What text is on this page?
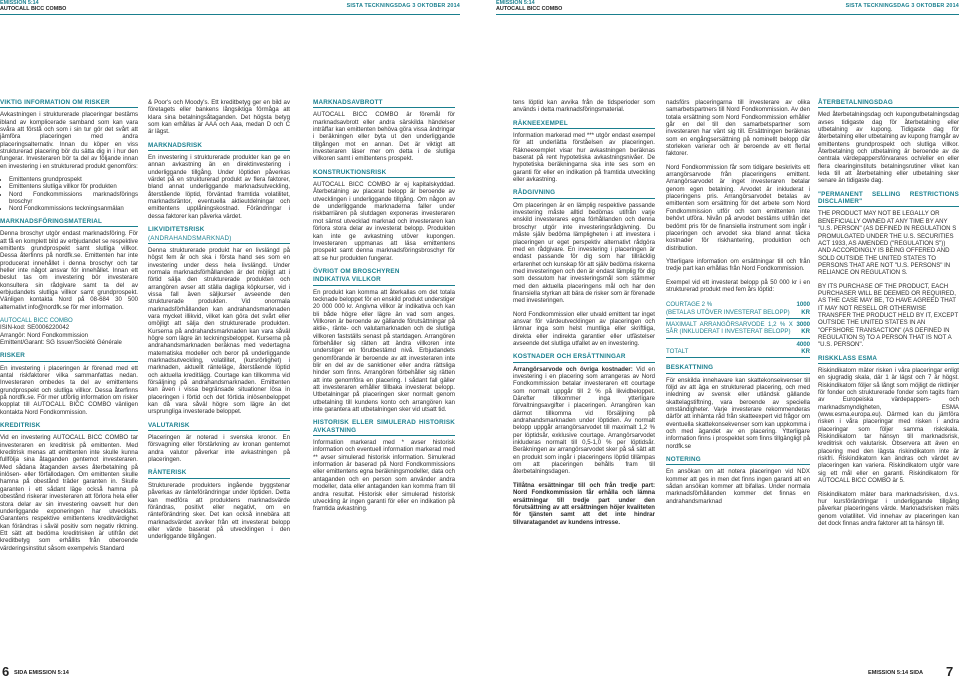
EMISSION 5:14
AUTOCALL BICC COMBO	SISTA TECKNINGSDAG 3 OKTOBER 2014	EMISSION 5:14
AUTOCALL BICC COMBO	SISTA TECKNINGSDAG 3 OKTOBER 2014
VIKTIG INFORMATION OM RISKER

Avkastningen i strukturerade placeringar bestäms ibland av komplicerade samband som kan vara svåra att förstå och som i sin tur gör det svårt att jämföra placeringen med andra placeringsalternativ. Innan du köper en viss strukturerad placering bör du sätta dig in i hur den fungerar. Investeraren bör ta del av följande innan en investering i en strukturerad produkt genomförs:

• Emittentens grundprospekt
• Emittentens slutliga villkor för produkten
• Nord Fondkommissions marknadsförings broschyr
• Nord Fondkommissions teckningsanmälan
MARKNADSFÖRINGSMATERIAL

Denna broschyr utgör endast marknadsföring. För att få en komplett bild av erbjudandet se respektive emittents grundprospekt samt slutliga villkor. Dessa återfinns på nordfk.se. Emittenten har inte producerat innehållet i denna broschyr och tar heller inte något ansvar för innehållet. Innan ett beslut tas om investering bör investerare konsultera sin rådgivare samt ta del av erbjudandets slutliga villkor samt grundprospekt. Vänligen kontakta Nord på 08-684 30 500 alternativt info@nordfk.se för mer information.

AUTOCALL BICC COMBO
ISIN-kod: SE0006220042
Arrangör: Nord Fondkommission
Emittent/Garant: SG Issuer/Société Générale

RISKER

En investering i placeringen är förenad med ett antal riskfaktorer vilka sammanfattas nedan. Investeraren ombedes ta del av emittentens grundprospekt och slutliga villkor. Dessa återfinns på nordfk.se. För mer utförlig information om risker kopplat till AUTOCALL BICC COMBO vänligen kontakta Nord Fondkommission.

KREDITRISK

Vid en investering AUTOCALL BICC COMBO tar investeraren en kreditrisk på emittenten. Med kreditrisk menas att emittenten inte skulle kunna fullfölja sina åtaganden gentemot investeraren. Med sådana åtaganden avses återbetalning på inlösen- eller förfallodagen. Om emittenten skulle hamna på obestånd träder garanten in. Skulle garanten i ett sådant läge också hamna på obestånd riskerar investeraren att förlora hela eller stora delar av sin investering oavsett hur den underliggande exponeringen har utvecklats. Garantens respektive emittentens kreditvärdighet kan förändras i såväl positiv som negativ riktning. Ett sätt att bedöma kreditrisken är utifrån det kreditbetyg som erhållits från oberoende värderingsinstitut såsom exempelvis Standard

& Poor's och Moody's. Ett kreditbetyg ger en bild av företagets eller bankens långsiktiga förmåga att klara sina betalningsåtaganden. Det högsta betyg som kan erhållas är AAA och Aaa, medan D och C är lägst.

MARKNADSRISK

En investering i strukturerade produkter kan ge en annan avkastning än en direktinvestering i underliggande tillgång. Under löptiden påverkas värdet på en strukturerad produkt av flera faktorer, bland annat underliggande marknadsutveckling, återstående löptid, förväntad framtida volatilitet, marknadsräntor, eventuella aktieutdelningar och emittentens upplåningskostnad. Förändringar i dessa faktorer kan påverka värdet.

LIKVIDITETSRISK
(ANDRAHANDSMARKNAD)

Denna strukturerade produkt har en livslängd på högst fem år och ska i första hand ses som en investering under dess hela livslängd. Under normala marknadsförhållanden är det möjligt att i förtid sälja den strukturerade produkten och arrangören avser att ställa dagliga köpkurser, vid i vissa fall även säljkurser avseende den strukturerade produkten. Vid onormala marknadsförhållanden kan andrahandsmarknaden vara mycket illikvid, vilket kan göra det svårt eller omöjligt att sälja den strukturerade produkten. Kurserna på andrahandsmarknaden kan vara såväl högre som lägre än teckningsbeloppet. Kurserna på andrahandsmarknaden beräknas med vedertagna matematiska modeller och beror på underliggande marknadsutveckling, volatilitet, (kursrörlighet) i marknaden, aktuellt räntelägе, återstående löptid och aktuella kreditlägg. Courtage kan tillkomma vid försäljning på andrahandsmarknaden. Emittenten kan även i vissa begränsade situationer lösa in placeringen i förtid och det förtida inlösenbeloppet kan då vara såväl högre som lägre än det ursprungliga investerade beloppet.

VALUTARISK

Placeringen är noterad i svenska kronor. En försvagning eller förstärkning av kronan gentemot andra valutor påverkar inte avkastningen på placeringen.

RÄNTERISK

Strukturerade produkters ingående byggstenar påverkas av ränteförändringar under löptiden. Detta kan medföra att produktens marknadsvärde förändras, positivt eller negativt, om en ränteförändring sker. Det kan också innebära att marknadsvärdet avviker från ett investerat belopp eller värde baserat på utvecklingen i den underliggande tillgången.

MARKNADSAVBROTT

AUTOCALL BICC COMBO är föremål för marknadsavbrott eller andra särskilda händelser inträffar kan emittenten behöva göra vissa ändringar i beräkningen eller byta ut den underliggande tillgången mot en annan. Det är viktigt att investeraren läser mer om detta i de slutliga villkoren samt i emittentens prospekt.

KONSTRUKTIONSRISK

AUTOCALL BICC COMBO är ej kapitalskyddad. Återbetalning av placerat belopp är beroende av utvecklingen i underliggande tillgång. Om någon av de underliggande marknaderna faller under riskbarriären på slutdagen exponeras investeraren mot sämst utvecklad marknad och investeraren kan förlora stora delar av investerat belopp. Produkten kan inte ge avkastning utöver kupongen. Investeraren uppmanas att läsa emittentens prospekt samt denna marknadsföringsbroschyr för att se hur produkten fungerar.

ÖVRIGT OM BROSCHYREN
INDIKATIVA VILLKOR

En produkt kan komma att återkallas om det totala tecknade beloppet för en enskild produkt understiger 20 000 000 kr. Angivna villkor är indikativa och kan bli både högre eller lägre än vad som anges. Villkoren är beroende av gällande förutsättningar på aktie-, ränte- och valutamarknaden och de slutliga villkoren fastställs senast på startdagen. Arrangören förbehåller sig rätten att ändra villkoren inte understiger en förutbestämd nivå. Erbjudandets genomförande är beroende av att investeraren inte blir en del av de sanktioner eller andra rättsliga hinder som finns. Arrangören förbehåller sig rätten att inte genomföra en placering. I sådant fall gäller att investeraren erhåller tillbaka investerat belopp. Utbetalningar på placeringen sker normalt genom utbetalning till kundens konto och arrangören kan inte garantera att utbetalningen sker vid utsatt tid.

HISTORISK ELLER SIMULERAD HISTORISK AVKASTNING

Information markerad med * avser historisk information och eventuell information markerad med ** avser simulerad historisk information. Simulerad information är baserad på Nord Fondkommissions eller emittentens egna beräkningsmodeller, data och antaganden och en person som använder andra modeller, data eller antaganden kan komma fram till andra resultat. Historisk eller simulerad historisk utveckling är ingen garanti för eller en indikation på framtida avkastning.

tens löptid kan avvika från de tidsperioder som används i detta marknadsföringsmaterial.

RÄKNEEXEMPEL

Information markerad med *** utgör endast exempel för att underlätta förståelsen av placeringen. Räkneexemplet visar hur avkastningen beräknas baserat på rent hypotetiska avkastningsnivåer. De hypotetiska beräkningarna ska inte ses som en garanti för eller en indikation på framtida utveckling eller avkastning.

RÅDGIVNING

Om placeringen är en lämplig respektive passande investering måste alltid bedömas utifrån varje enskild investerares egna förhållanden och denna broschyr utgör inte investeringsrådgivning. Du måste själv bedöma lämpligheten i att investera i placeringen ur eget perspektiv alternativt rådgöra med en rådgivare. En investering i placeringen är endast passande för dig som har tillräcklig erfarenhet och kunskap för att själv bedöma riskerna med investeringen och den är endast lämplig för dig som dessutom har investeringsmål som stämmer med den aktuella placeringens mål och har den finansiella styrkan att bära de risker som är förenade med investeringen.

Nord Fondkommission eller utvald emittent tar inget ansvar för värdeutvecklingen av placeringen och lämnar inga som helst muntliga eller skriftliga, direkta eller indirekta garantier eller utfästelser avseende det slutliga utfallet av en investering.

KOSTNADER OCH ERSÄTTNINGAR

Arrangörsarvode och övriga kostnader: Vid en investering i en placering som arrangeras av Nord Fondkommission betalar investeraren ett courtage som normalt uppgår till 2 % på likvidbeloppet. Därefter tillkommer inga ytterligare förvaltningsavgifter i placeringen. Arrangören kan därmot tillkomma vid försäljning på andrahandsmarknaden under löptiden. Av normalt belopp uppgår arrangörsarvodet till maximalt 1,2 % per löptidsår, exklusive courtage. Arrangörsarvodet inkluderas normalt till 0,5-1,0 % per löptidsår. Beräkningen av arrangörsarvodet sker på så sätt att en produkt som ingår i placeringens löptid tillämpas om att placeringen behålls fram till återbetalningsdagen.

Tillåtna ersättningar till och från tredje part: Nord Fondkommission får erhålla och lämna ersättningar till tredje part under den förutsättning av att ersättningen höjer kvaliteten för tjänsten samt att det inte hindrar tillvaratagandet av kundens intresse.

nadsförs placeringarna till investerare av olika samarbetspartners till Nord Fondkommission. Av den totala ersättning som Nord Fondkommission erhåller går en del till den samarbetspartner som investeraren har vänt sig till. Ersättningen beräknas som en engångsersättning på nominellt belopp där storleken varierar och är beroende av ett flertal faktorer.

Nord Fondkommission får som tidigare beskrivits ett arrangörsarvode från placeringens emittent. Arrangörsarvodet är inget investeraren betalar genom egen betalning. Arvodet är inkluderat i placeringens pris. Arrangörsarvodet betalas av emittenten som ersättning för det arbete som Nord Fondkommission utför och som emittenten inte behövt utföra. Nivån på arvodet bestäms utifrån det bedömt pris för de finansiella instrument som ingår i placeringen och arvodet ska bland annat täcka kostnader för riskhantering, produktion och distribution.

Ytterligare information om ersättningar till och från tredje part kan erhållas från Nord Fondkommission.

Exempel vid ett investerat belopp på 50 000 kr i en strukturerad produkt med fem års löptid:

COURTAGE 2 %
(BETALAS UTÖVER INVESTERAT BELOPP)	1000 KR
MAXIMALT ARRANGÖRSARVODE 1,2 % X 5ÅR (INKLUDERAT I INVESTERAT BELOPP)	3000 KR
TOTALT	4000 KR
BESKATTNING

För enskilda innehavare kan skattekonsekvenser till följd av att äga en strukturerad placering, och med inledning av svensk eller utländsk gällande skattelagstiftning, vara beroende av speciella omständigheter. Varje investerare rekommenderas därför att inhämta råd från skatteexpert vid frågor om eventuella skattekonsekvenser som kan uppkomma i och med ägandet av en placering. Ytterligare information finns i prospektet som finns tillgängligt på nordfk.se

NOTERING

En ansökan om att notera placeringen vid NDX kommer att ges in men det finns ingen garanti att en sådan ansökan kommer att bifallas. Under normala marknadsförhållanden kommer det finnas en andrahandsmarknad

ÅTERBETALNINGSDAG

Med återbetalningsdag och kupongutbetalningsdag avses tidigaste dag för återbetalning eller utbetalning av kupong. Tidigaste dag för återbetalning eller utbetalning av kupong framgår av emittentens grundprospekt och slutliga villkor. Återbetalning och utbetalning är beroende av de centrala värdepappersförvarares och/eller en eller flera clearinginstituts betalningsrutiner vilket kan leda till att återbetalning eller utbetalning sker senare än tidigaste dag.

"PERMANENT SELLING RESTRICTIONS DISCLAIMER"

THE PRODUCT MAY NOT BE LEGALLY OR BENEFICIALLY OWNED AT ANY TIME BY ANY "U.S. PERSON" (AS DEFINED IN REGULATION S PROMULGATED UNDER THE U.S. SECURITIES ACT 1933, AS AMENDED ("REGULATION S")) AND ACCORDINGLY IS BEING OFFERED AND SOLD OUTSIDE THE UNITED STATES TO PERSONS THAT ARE NOT "U.S. PERSONS" IN RELIANCE ON REGULATION S.

BY ITS PURCHASE OF THE PRODUCT, EACH PURCHASER WILL BE DEEMED OR REQUIRED, AS THE CASE MAY BE, TO HAVE AGREED THAT IT MAY NOT RESELL OR OTHERWISE TRANSFER THE PRODUCT HELD BY IT, EXCEPT OUTSIDE THE UNITED STATES IN AN "OFFSHORE TRANSACTION" (AS DEFINED IN REGULATION S) TO A PERSON THAT IS NOT A "U.S. PERSON".

RISKKLASS ESMA

Riskindikatorn mäter risken i våra placeringar enligt en sjugradig skala, där 1 är lägst och 7 är högst. Riskindikatorn följer så långt som möjligt de riktlinjer för fonder och strukturerade fonder som tagits fram av Europeiska värdepappers- och marknadsmyndigheten, ESMA (www.esma.europa.eu). Därmed kan du jämföra risken i våra placeringar med risken i andra placeringar som följer samma riskskala. Riskindikatorn tar hänsyn till marknadsrisk, kreditrisk och valutarisk. Observera att även en placering med den lägsta riskindikatorn inte är riskfri. Riskindikatorn kan ändras och värdet av placeringen kan variera. Riskindikatorn utgör vare sig ett mål eller en garanti. Riskindikatorn för AUTOCALL BICC COMBO är 5.

Riskindikatorn mäter bara marknadsrisken, d.v.s. hur kursförändringar i underliggande tillgång påverkar placeringens värde. Marknadsrisken mäts genom volatilitet. Vid innehav av placeringen kan det dock finnas andra faktorer att ta hänsyn till.

6 SIDA EMISSION 5:14	EMISSION 5:14 SIDA 7
